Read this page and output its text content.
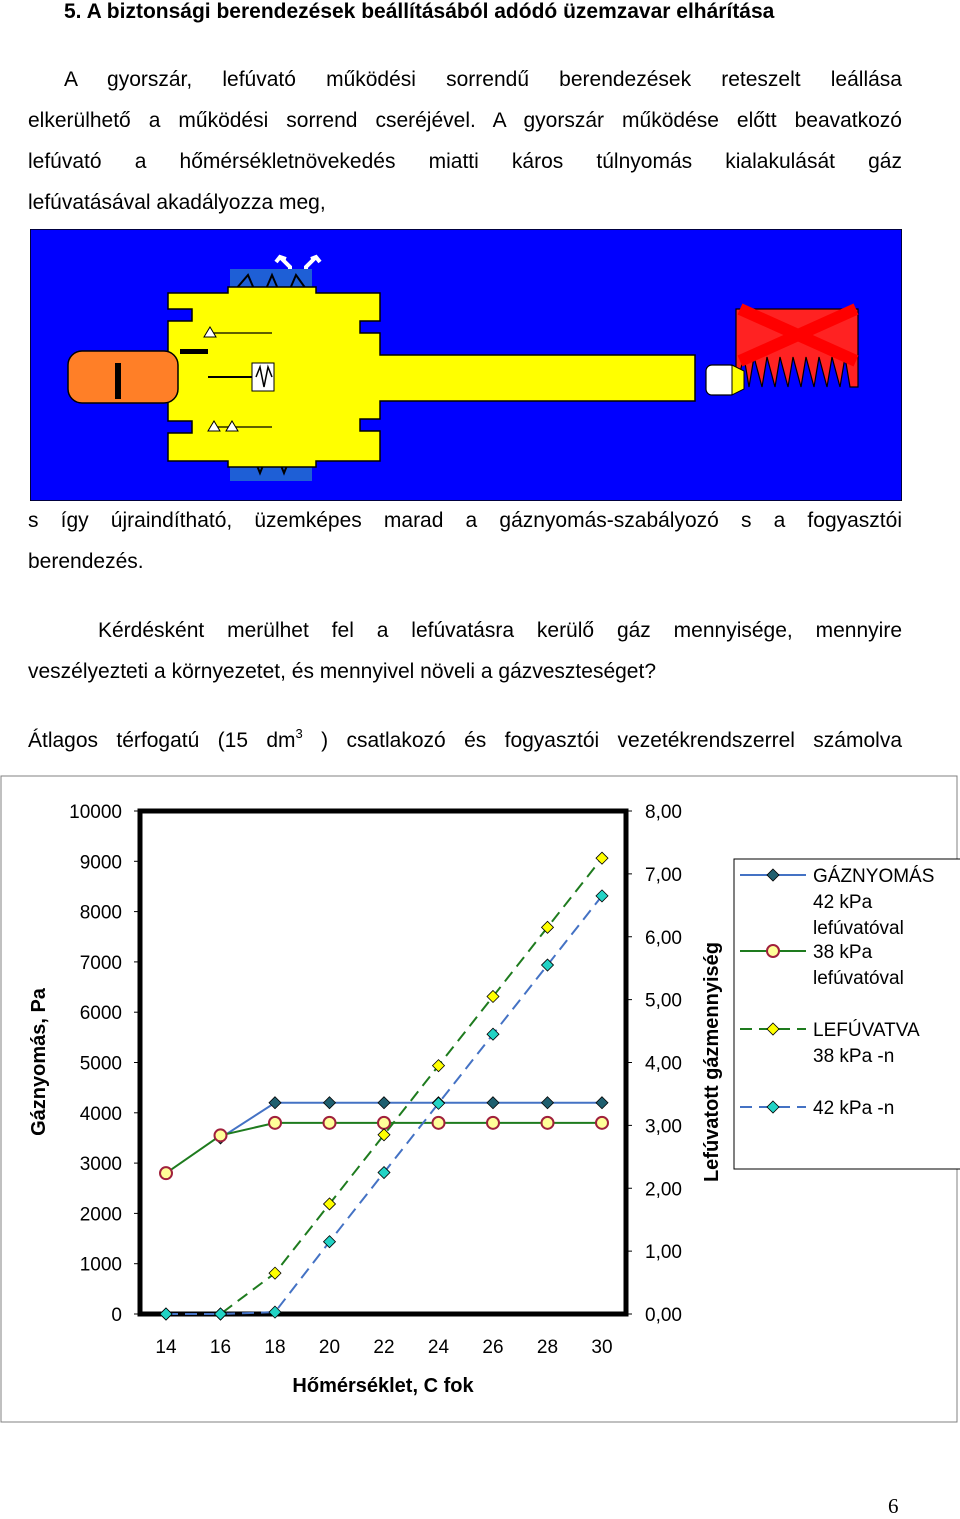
5. A biztonsági berendezések beállításából adódó üzemzavar elhárítása
A gyorszár, lefúvató működési sorrendű berendezések reteszelt leállása
elkerülhető a működési sorrend cseréjével. A gyorszár működése előtt beavatkozó
lefúvató a hőmérsékletnövekedés miatti káros túlnyomás kialakulását gáz
lefúvatásával akadályozza meg,
s így újraindítható, üzemképes marad a gáznyomás-szabályozó s a fogyasztói
berendezés.
Kérdésként merülhet fel a lefúvatásra kerülő gáz mennyisége, mennyire
veszélyezteti a környezetet, és mennyivel növeli a gázveszteséget?
Átlagos térfogatú (15 $dm^3$ ) csatlakozó és fogyasztói vezetékrendszerrel számolva
0
1000
2000
3000
4000
5000
6000
7000
8000
9000
10000
0,00
1,00
2,00
3,00
4,00
5,00
6,00
7,00
8,00
14 16 18 20 22 24 26 28 30
Gáznyomás, Pa	Lefúvatott gázmennyiség
Hőmérséklet, C fok
GÁZNYOMÁS
42 kPa
lefúvatóval
38 kPa
lefúvatóval
LEFÚVATVA
38 kPa -n
42 kPa -n
6
